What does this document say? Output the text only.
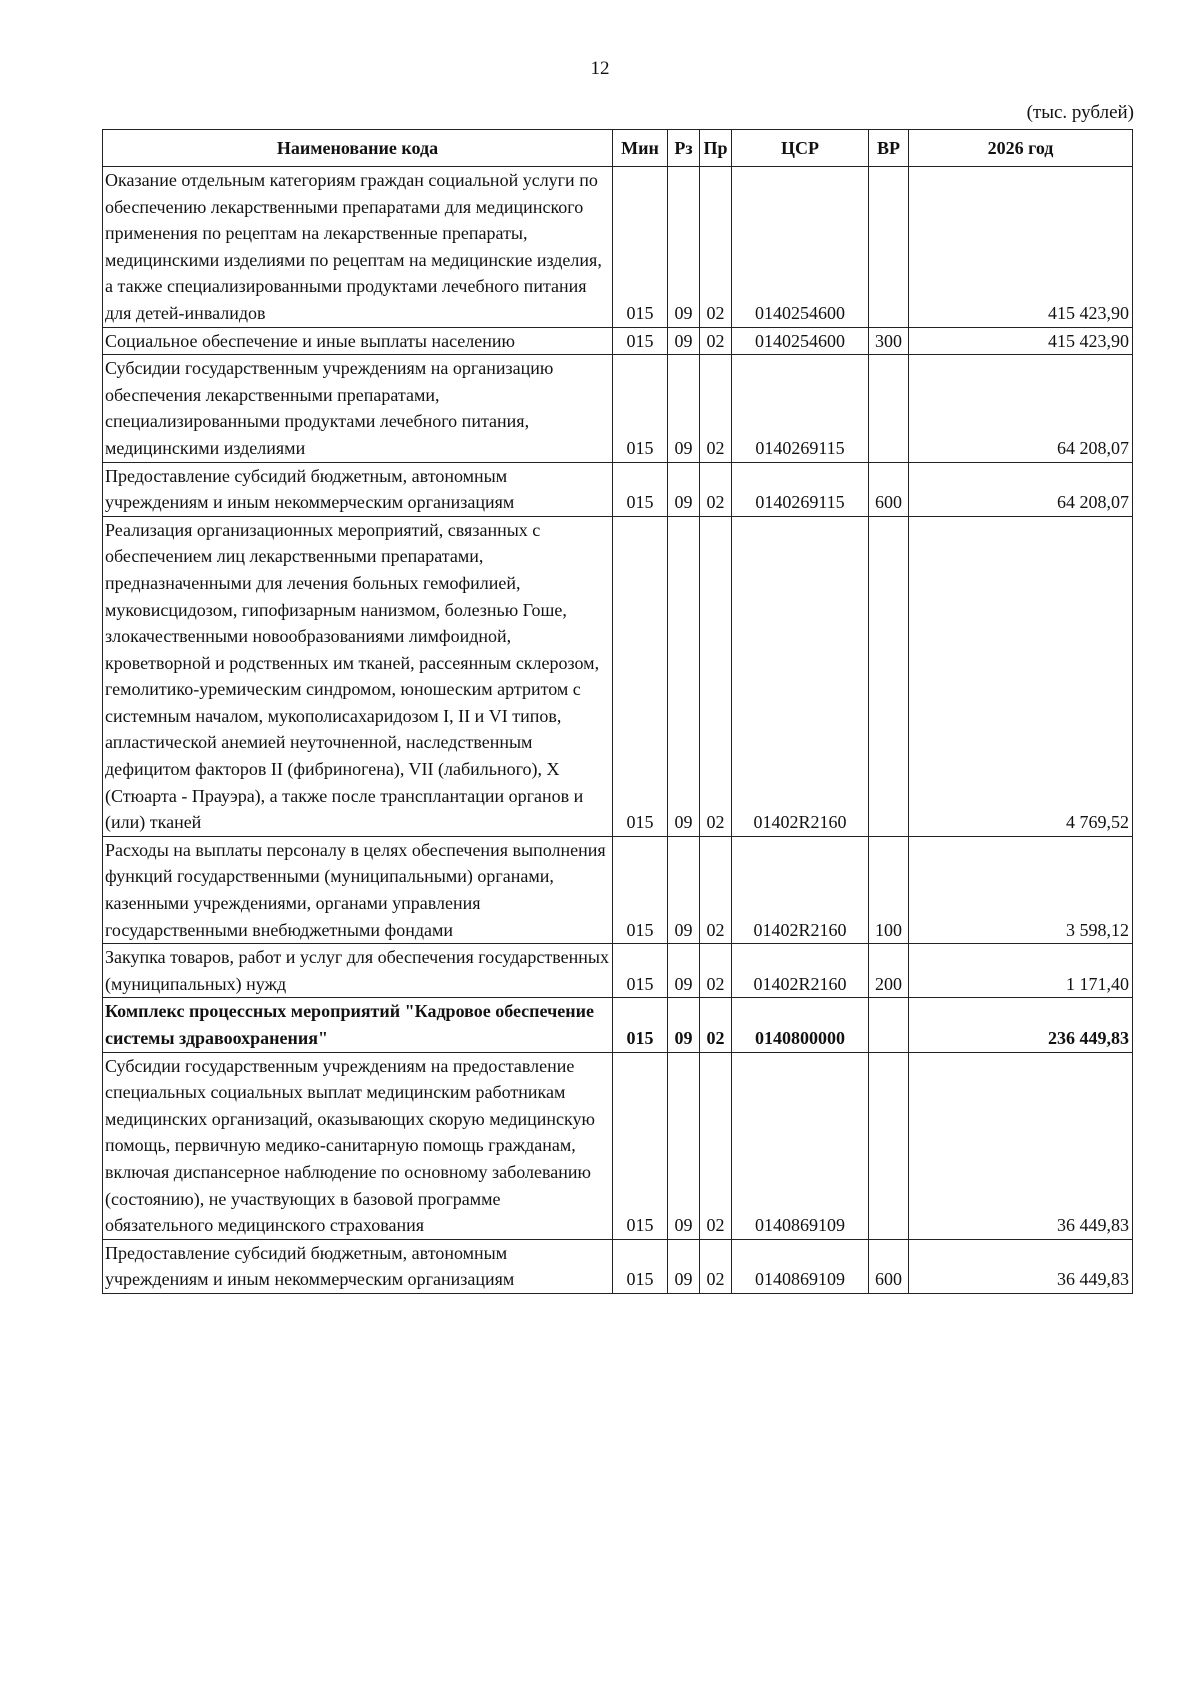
12
(тыс. рублей)
Наименование кода	Мин	Рз	Пр	ЦСР	ВР	2026 год
Оказание отдельным категориям граждан социальной услуги по обеспечению лекарственными препаратами для медицинского применения по рецептам на лекарственные препараты, медицинскими изделиями по рецептам на медицинские изделия, а также специализированными продуктами лечебного питания для детей-инвалидов	015	09	02	0140254600		415 423,90
Социальное обеспечение и иные выплаты населению	015	09	02	0140254600	300	415 423,90
Субсидии государственным учреждениям на организацию обеспечения лекарственными препаратами, специализированными продуктами лечебного питания, медицинскими изделиями	015	09	02	0140269115		64 208,07
Предоставление субсидий бюджетным, автономным учреждениям и иным некоммерческим организациям	015	09	02	0140269115	600	64 208,07
Реализация организационных мероприятий, связанных с обеспечением лиц лекарственными препаратами, предназначенными для лечения больных гемофилией, муковисцидозом, гипофизарным нанизмом, болезнью Гоше, злокачественными новообразованиями лимфоидной, кроветворной и родственных им тканей, рассеянным склерозом, гемолитико-уремическим синдромом, юношеским артритом с системным началом, мукополисахаридозом I, II и VI типов, апластической анемией неуточненной, наследственным дефицитом факторов II (фибриногена), VII (лабильного), X (Стюарта - Прауэра), а также после трансплантации органов и (или) тканей	015	09	02	01402R2160		4 769,52
Расходы на выплаты персоналу в целях обеспечения выполнения функций государственными (муниципальными) органами, казенными учреждениями, органами управления государственными внебюджетными фондами	015	09	02	01402R2160	100	3 598,12
Закупка товаров, работ и услуг для обеспечения государственных (муниципальных) нужд	015	09	02	01402R2160	200	1 171,40
Комплекс процессных мероприятий "Кадровое обеспечение системы здравоохранения"	015	09	02	0140800000		236 449,83
Субсидии государственным учреждениям на предоставление специальных социальных выплат медицинским работникам медицинских организаций, оказывающих скорую медицинскую помощь, первичную медико-санитарную помощь гражданам, включая диспансерное наблюдение по основному заболеванию (состоянию), не участвующих в базовой программе обязательного медицинского страхования	015	09	02	0140869109		36 449,83
Предоставление субсидий бюджетным, автономным учреждениям и иным некоммерческим организациям	015	09	02	0140869109	600	36 449,83
